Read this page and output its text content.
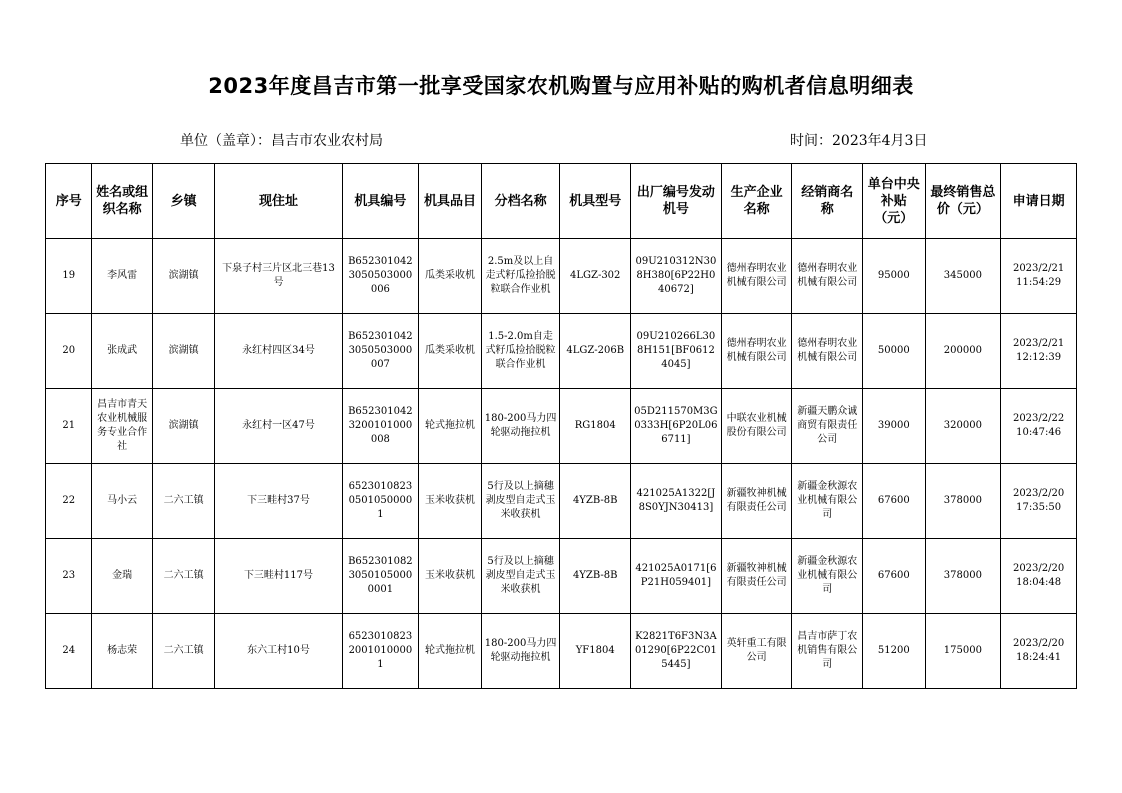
2023年度昌吉市第一批享受国家农机购置与应用补贴的购机者信息明细表
单位（盖章）：昌吉市农业农村局	时间：2023年4月3日
序号	姓名或组织名称	乡镇	现住址	机具编号	机具品目	分档名称	机具型号	出厂编号发动机号	生产企业名称	经销商名称	单台中央补贴（元）	最终销售总价（元）	申请日期
19	李风雷	滨湖镇	下泉子村三片区北三巷13号	B6523010423050503000006	瓜类采收机	2.5m及以上自走式籽瓜捡拾脱粒联合作业机	4LGZ-302	09U210312N308H380[6P22H040672]	德州春明农业机械有限公司	德州春明农业机械有限公司	95000	345000	2023/2/21 11:54:29
20	张成武	滨湖镇	永红村四区34号	B6523010423050503000007	瓜类采收机	1.5-2.0m自走式籽瓜捡拾脱粒联合作业机	4LGZ-206B	09U210266L308H151[BF06124045]	德州春明农业机械有限公司	德州春明农业机械有限公司	50000	200000	2023/2/21 12:12:39
21	昌吉市青天农业机械服务专业合作社	滨湖镇	永红村一区47号	B6523010423200101000008	轮式拖拉机	180-200马力四轮驱动拖拉机	RG1804	05D211570M3G0333H[6P20L066711]	中联农业机械股份有限公司	新疆天鹏众诚商贸有限责任公司	39000	320000	2023/2/22 10:47:46
22	马小云	二六工镇	下三畦村37号	652301082305010500001	玉米收获机	5行及以上摘穗剥皮型自走式玉米收获机	4YZB-8B	421025A1322[J8S0YJN30413]	新疆牧神机械有限责任公司	新疆金秋源农业机械有限公司	67600	378000	2023/2/20 17:35:50
23	金瑞	二六工镇	下三畦村117号	B65230108230501050000001	玉米收获机	5行及以上摘穗剥皮型自走式玉米收获机	4YZB-8B	421025A0171[6P21H059401]	新疆牧神机械有限责任公司	新疆金秋源农业机械有限公司	67600	378000	2023/2/20 18:04:48
24	杨志荣	二六工镇	东六工村10号	652301082320010100001	轮式拖拉机	180-200马力四轮驱动拖拉机	YF1804	K2821T6F3N3A01290[6P22C015445]	英轩重工有限公司	昌吉市萨丁农机销售有限公司	51200	175000	2023/2/20 18:24:41
